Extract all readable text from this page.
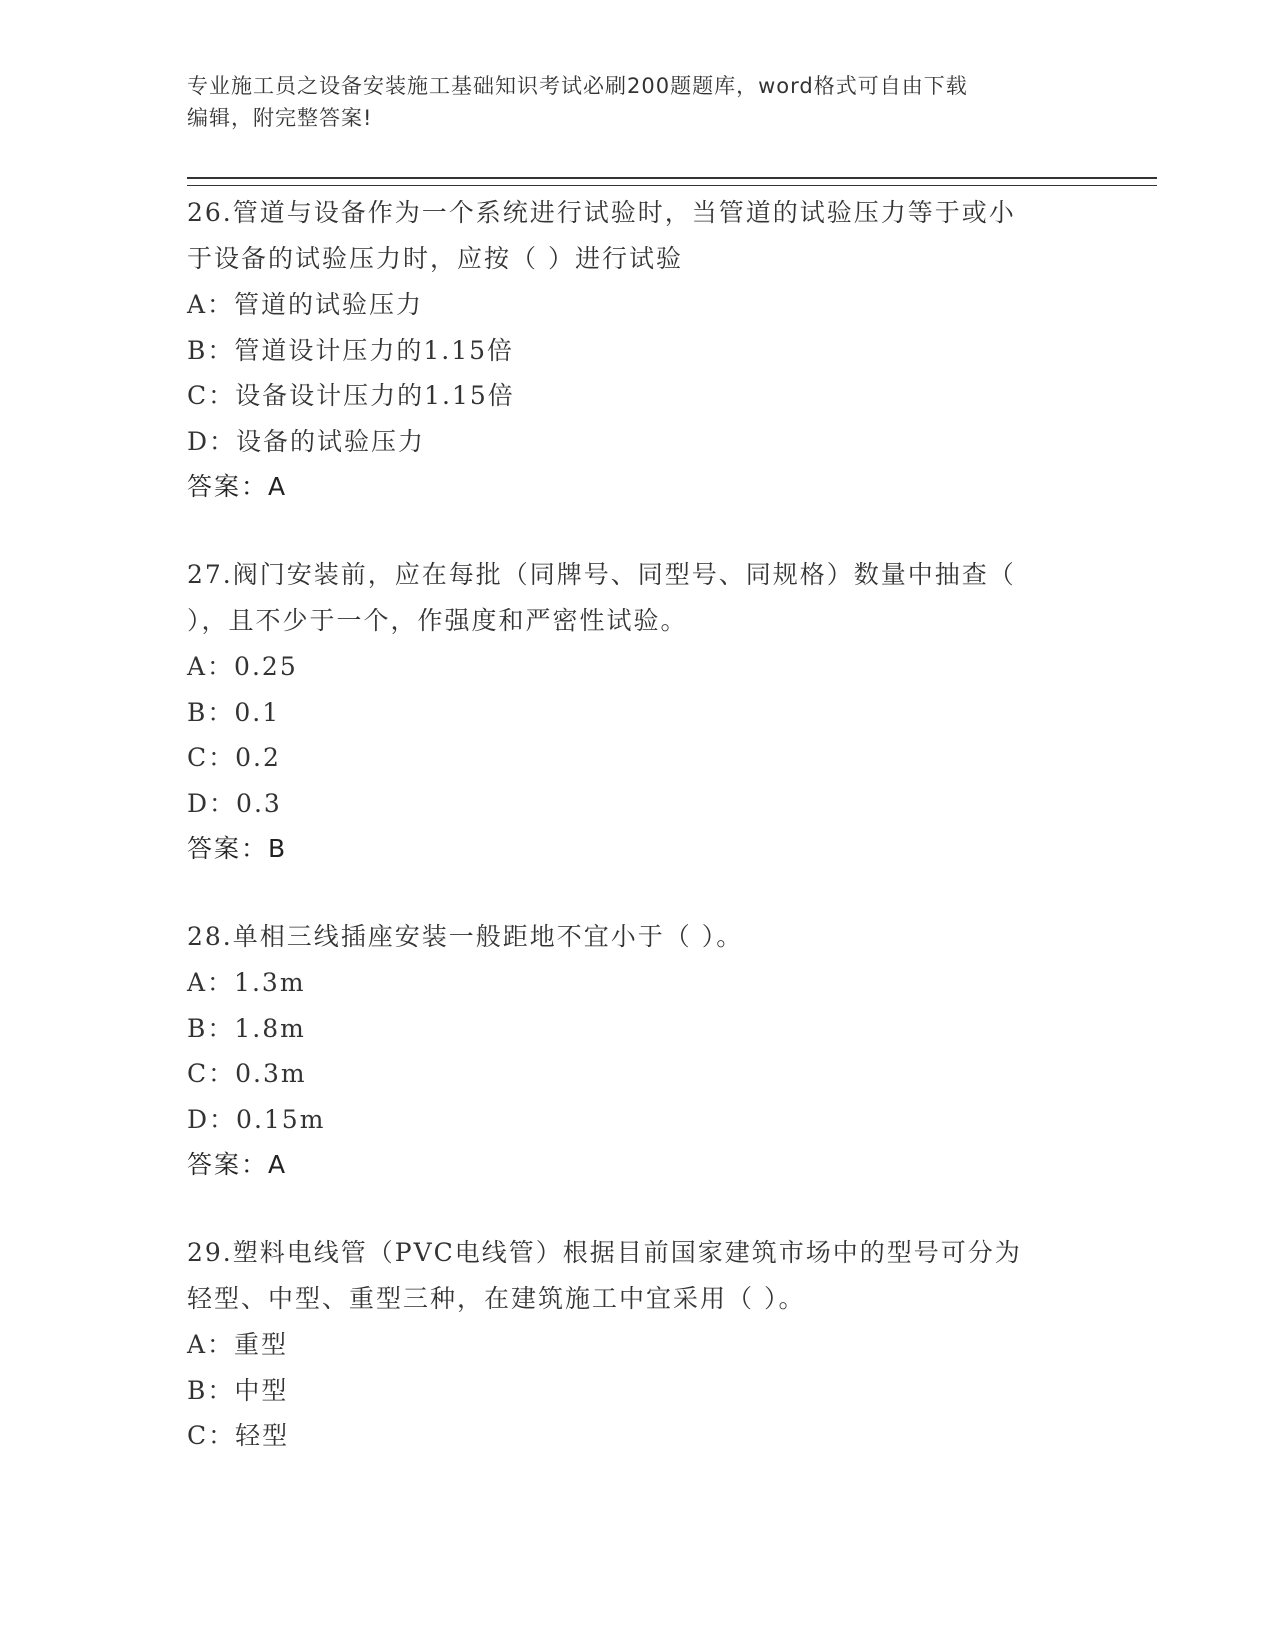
专业施工员之设备安装施工基础知识考试必刷200题题库，word格式可自由下载
编辑，附完整答案!
26.管道与设备作为一个系统进行试验时，当管道的试验压力等于或小
于设备的试验压力时，应按（ ）进行试验
A：管道的试验压力
B：管道设计压力的1.15倍
C：设备设计压力的1.15倍
D：设备的试验压力
答案：A
27.阀门安装前，应在每批（同牌号、同型号、同规格）数量中抽查（
），且不少于一个，作强度和严密性试验。
A：0.25
B：0.1
C：0.2
D：0.3
答案：B
28.单相三线插座安装一般距地不宜小于（ ）。
A：1.3m
B：1.8m
C：0.3m
D：0.15m
答案：A
29.塑料电线管（PVC电线管）根据目前国家建筑市场中的型号可分为
轻型、中型、重型三种，在建筑施工中宜采用（ ）。
A：重型
B：中型
C：轻型
